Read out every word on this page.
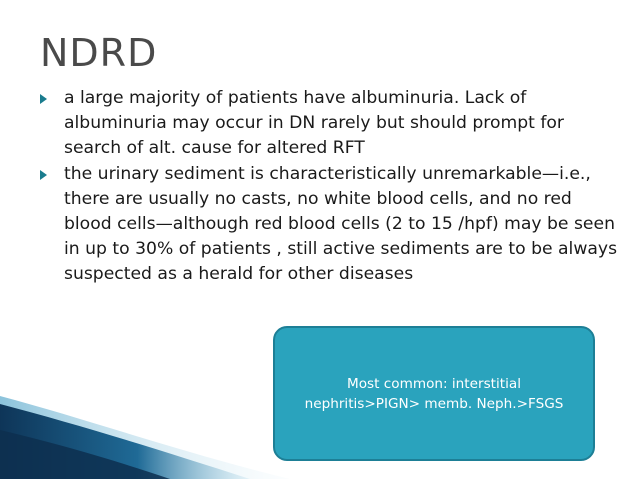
NDRD
a large majority of patients have albuminuria. Lack of albuminuria may occur in DN rarely but should prompt for search of alt. cause for altered RFT
the urinary sediment is characteristically unremarkable—i.e., there are usually no casts, no white blood cells, and no red blood cells—although red blood cells (2 to 15 /hpf) may be seen in up to 30% of patients , still active sediments are to be always suspected as a herald for other diseases
Most common: interstitial
nephritis>PIGN> memb. Neph.>FSGS
